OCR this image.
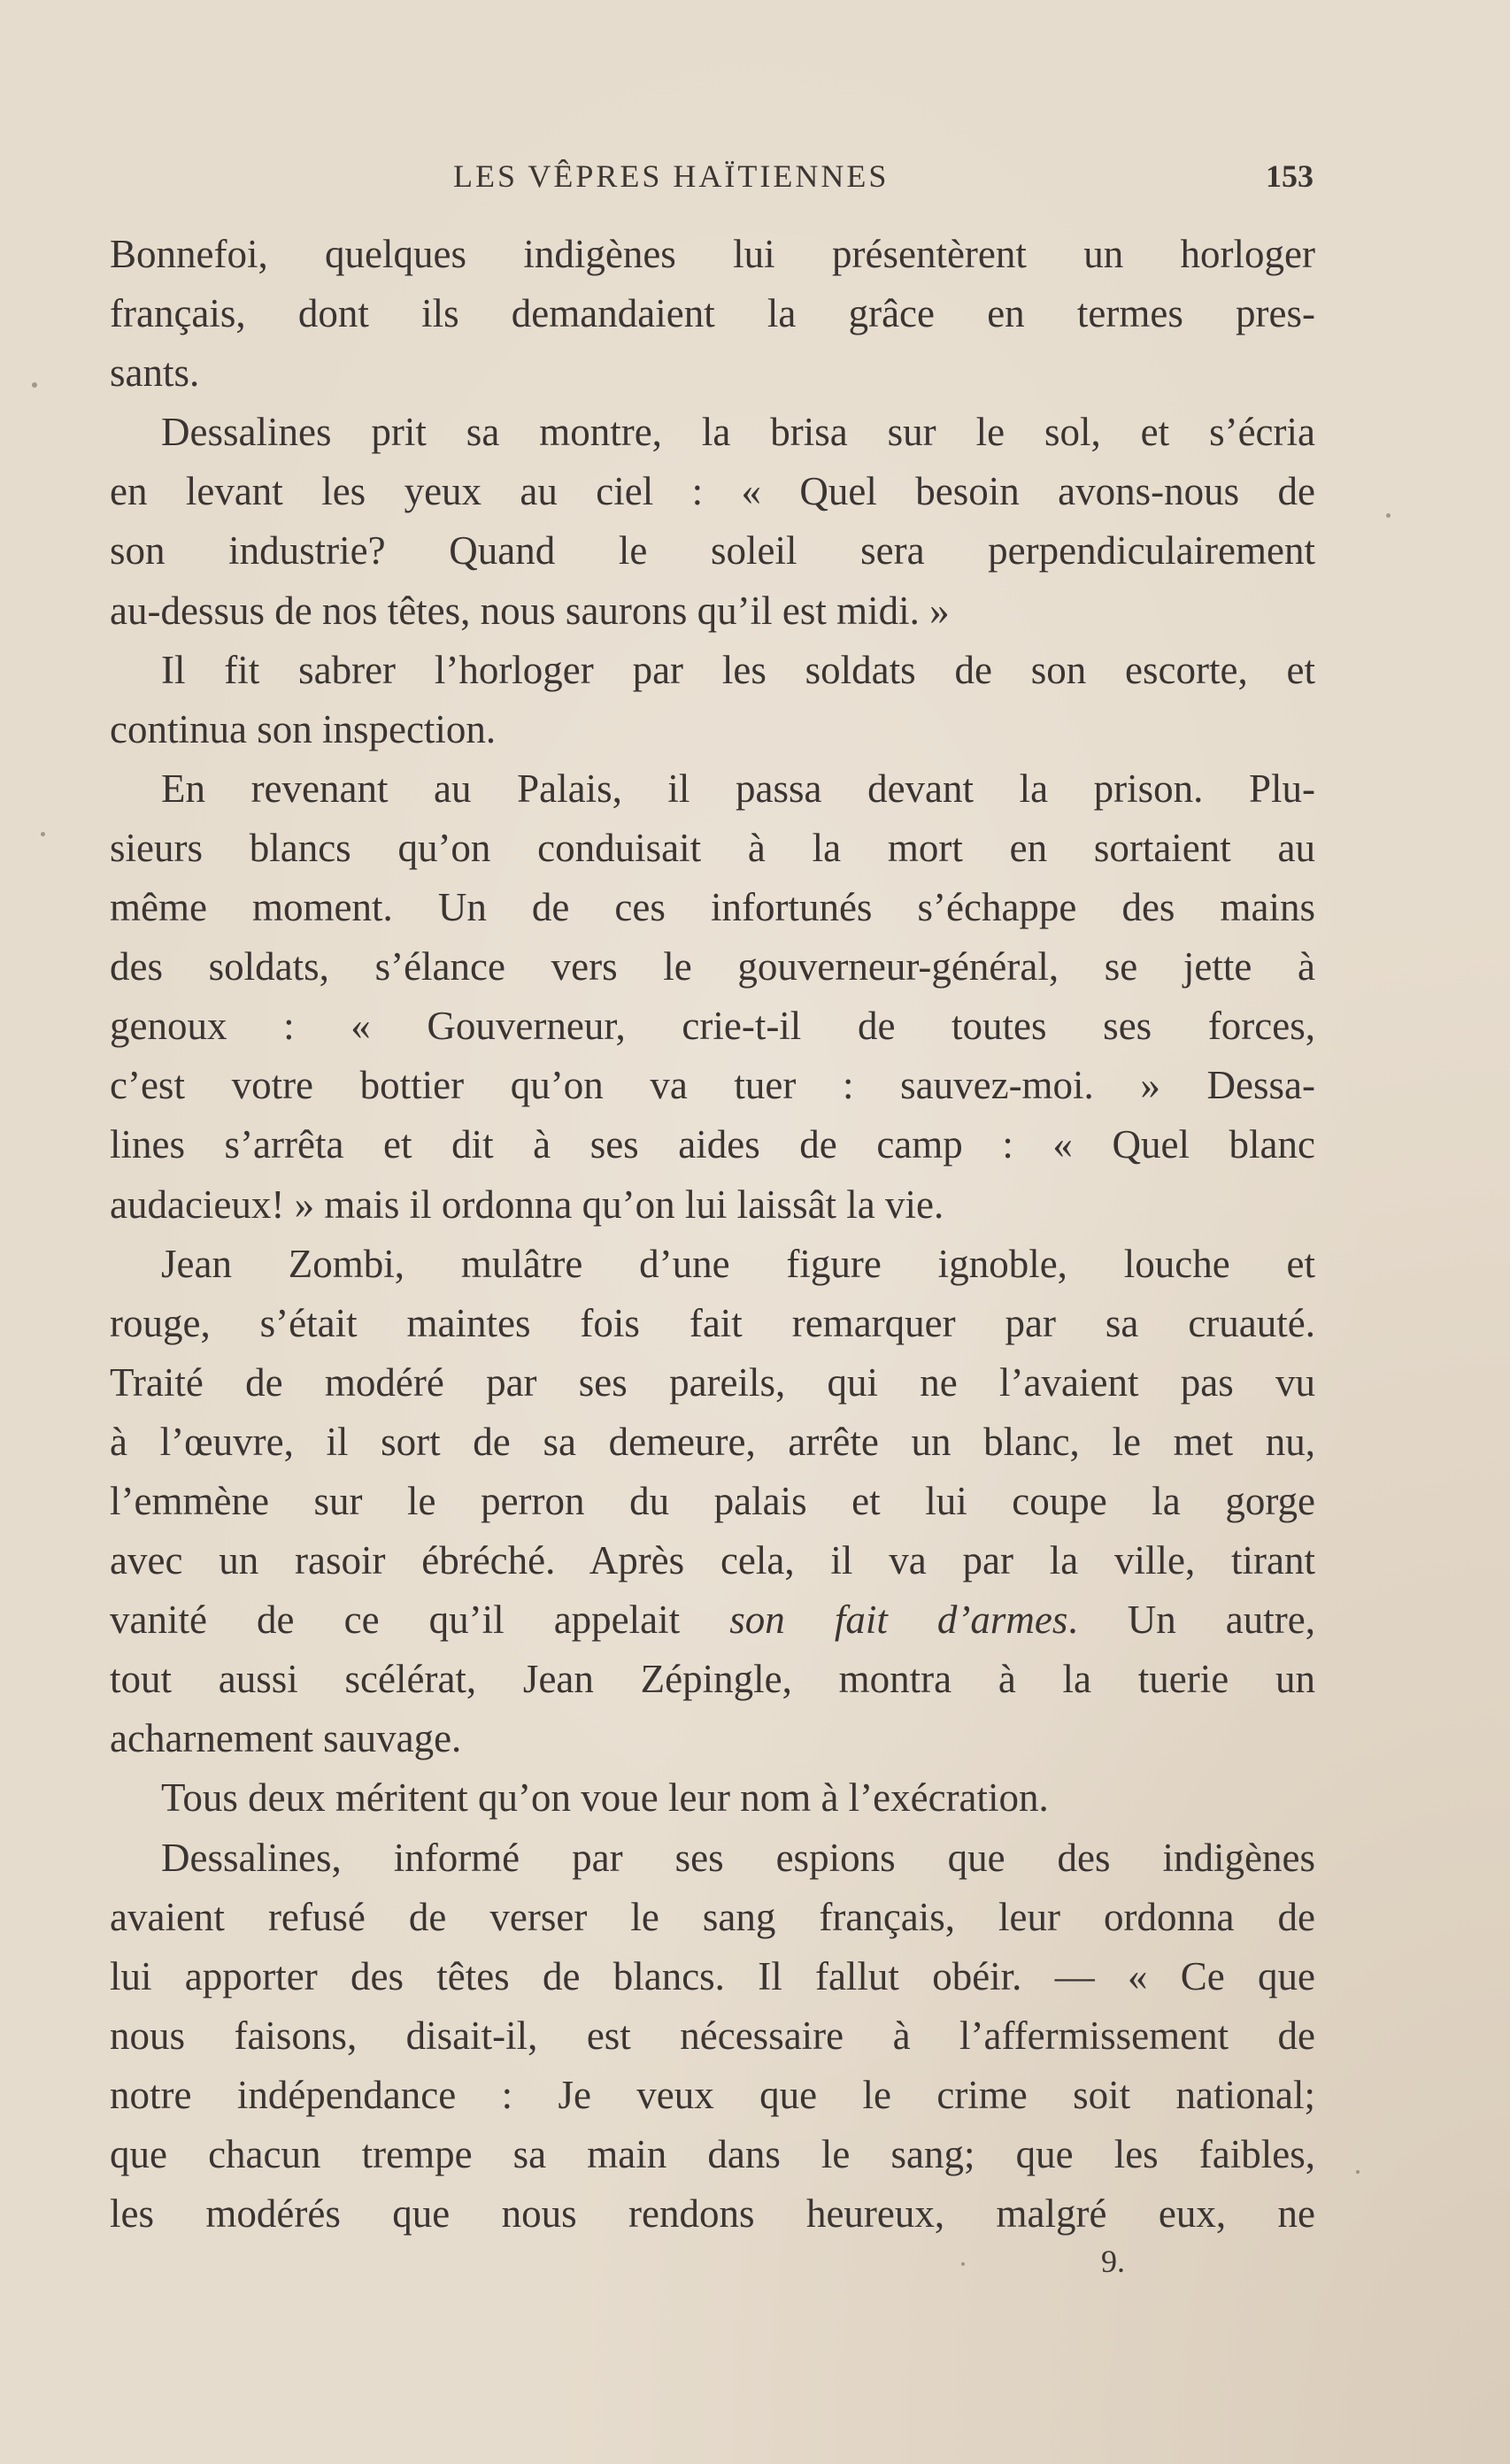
LES VÊPRES HAÏTIENNES	153
Bonnefoi, quelques indigènes lui présentèrent un horloger
français, dont ils demandaient la grâce en termes pres-
sants.
Dessalines prit sa montre, la brisa sur le sol, et s’écria
en levant les yeux au ciel : « Quel besoin avons-nous de
son industrie? Quand le soleil sera perpendiculairement
au-dessus de nos têtes, nous saurons qu’il est midi. »
Il fit sabrer l’horloger par les soldats de son escorte, et
continua son inspection.
En revenant au Palais, il passa devant la prison. Plu-
sieurs blancs qu’on conduisait à la mort en sortaient au
même moment. Un de ces infortunés s’échappe des mains
des soldats, s’élance vers le gouverneur-général, se jette à
genoux : « Gouverneur, crie-t-il de toutes ses forces,
c’est votre bottier qu’on va tuer : sauvez-moi. » Dessa-
lines s’arrêta et dit à ses aides de camp : « Quel blanc
audacieux! » mais il ordonna qu’on lui laissât la vie.
Jean Zombi, mulâtre d’une figure ignoble, louche et
rouge, s’était maintes fois fait remarquer par sa cruauté.
Traité de modéré par ses pareils, qui ne l’avaient pas vu
à l’œuvre, il sort de sa demeure, arrête un blanc, le met nu,
l’emmène sur le perron du palais et lui coupe la gorge
avec un rasoir ébréché. Après cela, il va par la ville, tirant
vanité de ce qu’il appelait son fait d’armes. Un autre,
tout aussi scélérat, Jean Zépingle, montra à la tuerie un
acharnement sauvage.
Tous deux méritent qu’on voue leur nom à l’exécration.
Dessalines, informé par ses espions que des indigènes
avaient refusé de verser le sang français, leur ordonna de
lui apporter des têtes de blancs. Il fallut obéir. — « Ce que
nous faisons, disait-il, est nécessaire à l’affermissement de
notre indépendance : Je veux que le crime soit national;
que chacun trempe sa main dans le sang; que les faibles,
les modérés que nous rendons heureux, malgré eux, ne
9.
